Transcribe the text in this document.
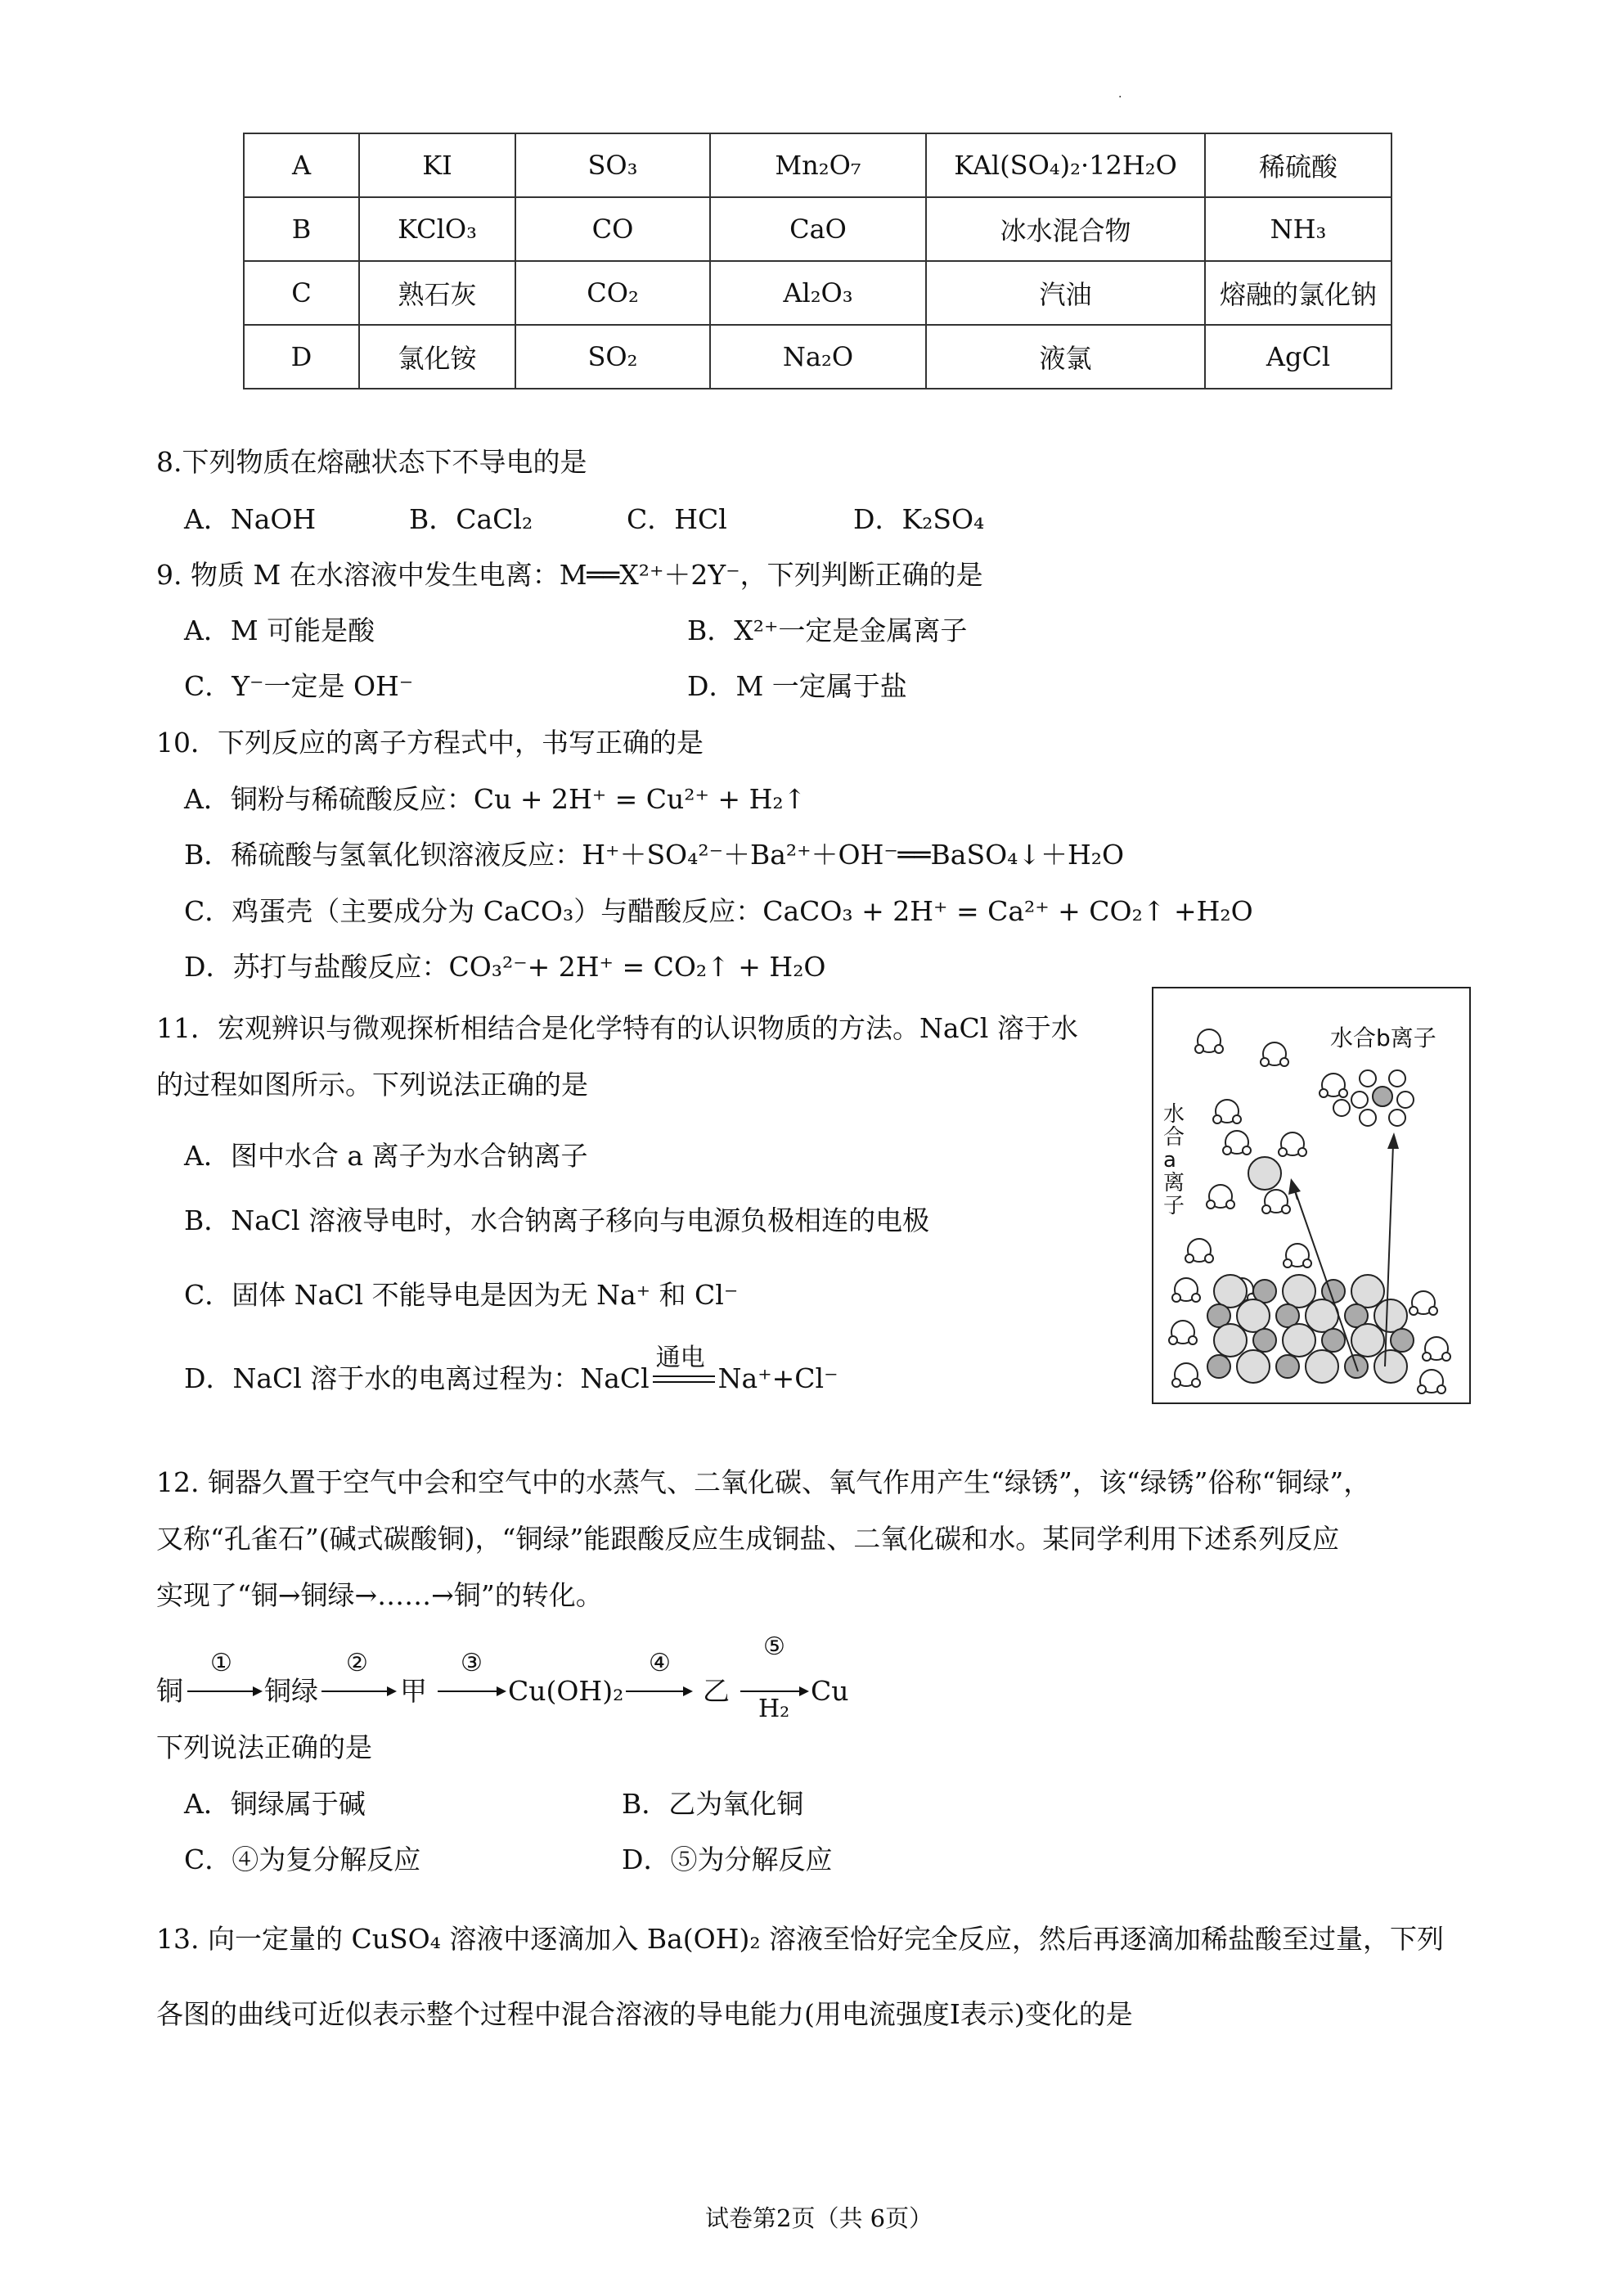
.
A	KI	SO₃	Mn₂O₇	KAl(SO₄)₂·12H₂O	稀硫酸
B	KClO₃	CO	CaO	冰水混合物	NH₃
C	熟石灰	CO₂	Al₂O₃	汽油	熔融的氯化钠
D	氯化铵	SO₂	Na₂O	液氯	AgCl
8.下列物质在熔融状态下不导电的是
A．NaOH	B．CaCl₂	C．HCl	D．K₂SO₄
9. 物质 M 在水溶液中发生电离：M══X²⁺＋2Y⁻，下列判断正确的是
A．M 可能是酸	B．X²⁺一定是金属离子
C．Y⁻一定是 OH⁻	D．M 一定属于盐
10．下列反应的离子方程式中，书写正确的是
A．铜粉与稀硫酸反应：Cu + 2H⁺ = Cu²⁺ + H₂↑
B．稀硫酸与氢氧化钡溶液反应：H⁺＋SO₄²⁻＋Ba²⁺＋OH⁻══BaSO₄↓＋H₂O
C．鸡蛋壳（主要成分为 CaCO₃）与醋酸反应：CaCO₃ + 2H⁺ = Ca²⁺ + CO₂↑ +H₂O
D．苏打与盐酸反应：CO₃²⁻+ 2H⁺ = CO₂↑ + H₂O
11．宏观辨识与微观探析相结合是化学特有的认识物质的方法。NaCl 溶于水
的过程如图所示。下列说法正确的是
A．图中水合 a 离子为水合钠离子
B．NaCl 溶液导电时，水合钠离子移向与电源负极相连的电极
C．固体 NaCl 不能导电是因为无 Na⁺ 和 Cl⁻
D．NaCl 溶于水的电离过程为：NaCl
通电
Na⁺+Cl⁻
水合b离子
水
合
a
离
子
12. 铜器久置于空气中会和空气中的水蒸气、二氧化碳、氧气作用产生“绿锈”，该“绿锈”俗称“铜绿”，
又称“孔雀石”(碱式碳酸铜)，“铜绿”能跟酸反应生成铜盐、二氧化碳和水。某同学利用下述系列反应
实现了“铜→铜绿→……→铜”的转化。
铜
①
铜绿
②
甲
③
Cu(OH)₂
④
乙
⑤
H₂
Cu
下列说法正确的是
A．铜绿属于碱	B．乙为氧化铜
C．④为复分解反应	D．⑤为分解反应
13. 向一定量的 CuSO₄ 溶液中逐滴加入 Ba(OH)₂ 溶液至恰好完全反应，然后再逐滴加稀盐酸至过量，下列
各图的曲线可近似表示整个过程中混合溶液的导电能力(用电流强度I表示)变化的是
试卷第2页（共 6页）
